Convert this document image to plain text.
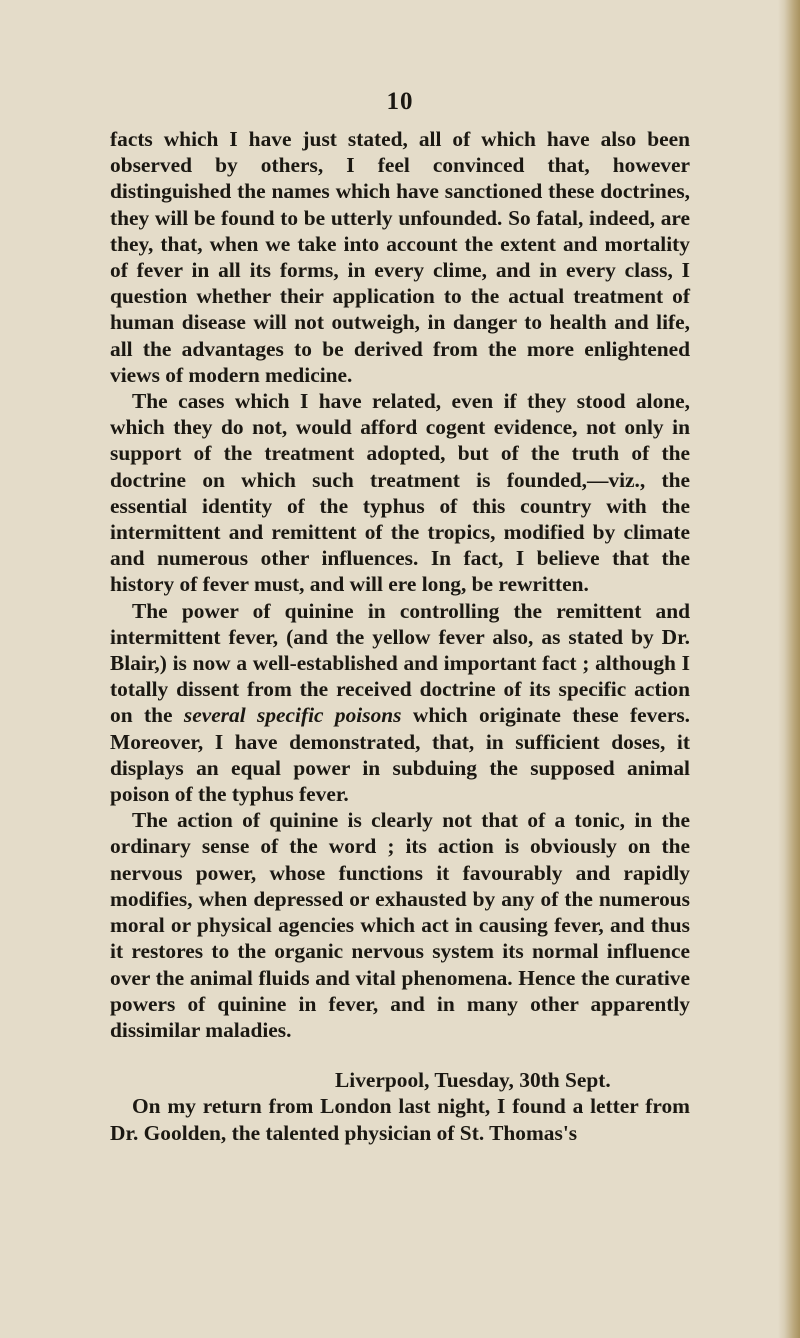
10

facts which I have just stated, all of which have also been observed by others, I feel convinced that, however distinguished the names which have sanctioned these doctrines, they will be found to be utterly unfounded. So fatal, indeed, are they, that, when we take into account the extent and mortality of fever in all its forms, in every clime, and in every class, I question whether their application to the actual treatment of human disease will not outweigh, in danger to health and life, all the advantages to be derived from the more enlightened views of modern medicine.

The cases which I have related, even if they stood alone, which they do not, would afford cogent evidence, not only in support of the treatment adopted, but of the truth of the doctrine on which such treatment is founded,—viz., the essential identity of the typhus of this country with the intermittent and remittent of the tropics, modified by climate and numerous other influences. In fact, I believe that the history of fever must, and will ere long, be rewritten.

The power of quinine in controlling the remittent and intermittent fever, (and the yellow fever also, as stated by Dr. Blair,) is now a well-established and important fact ; although I totally dissent from the received doctrine of its specific action on the several specific poisons which originate these fevers. Moreover, I have demonstrated, that, in sufficient doses, it displays an equal power in subduing the supposed animal poison of the typhus fever.

The action of quinine is clearly not that of a tonic, in the ordinary sense of the word ; its action is obviously on the nervous power, whose functions it favourably and rapidly modifies, when depressed or exhausted by any of the numerous moral or physical agencies which act in causing fever, and thus it restores to the organic nervous system its normal influence over the animal fluids and vital phenomena. Hence the curative powers of quinine in fever, and in many other apparently dissimilar maladies.

Liverpool, Tuesday, 30th Sept.

On my return from London last night, I found a letter from Dr. Goolden, the talented physician of St. Thomas's
